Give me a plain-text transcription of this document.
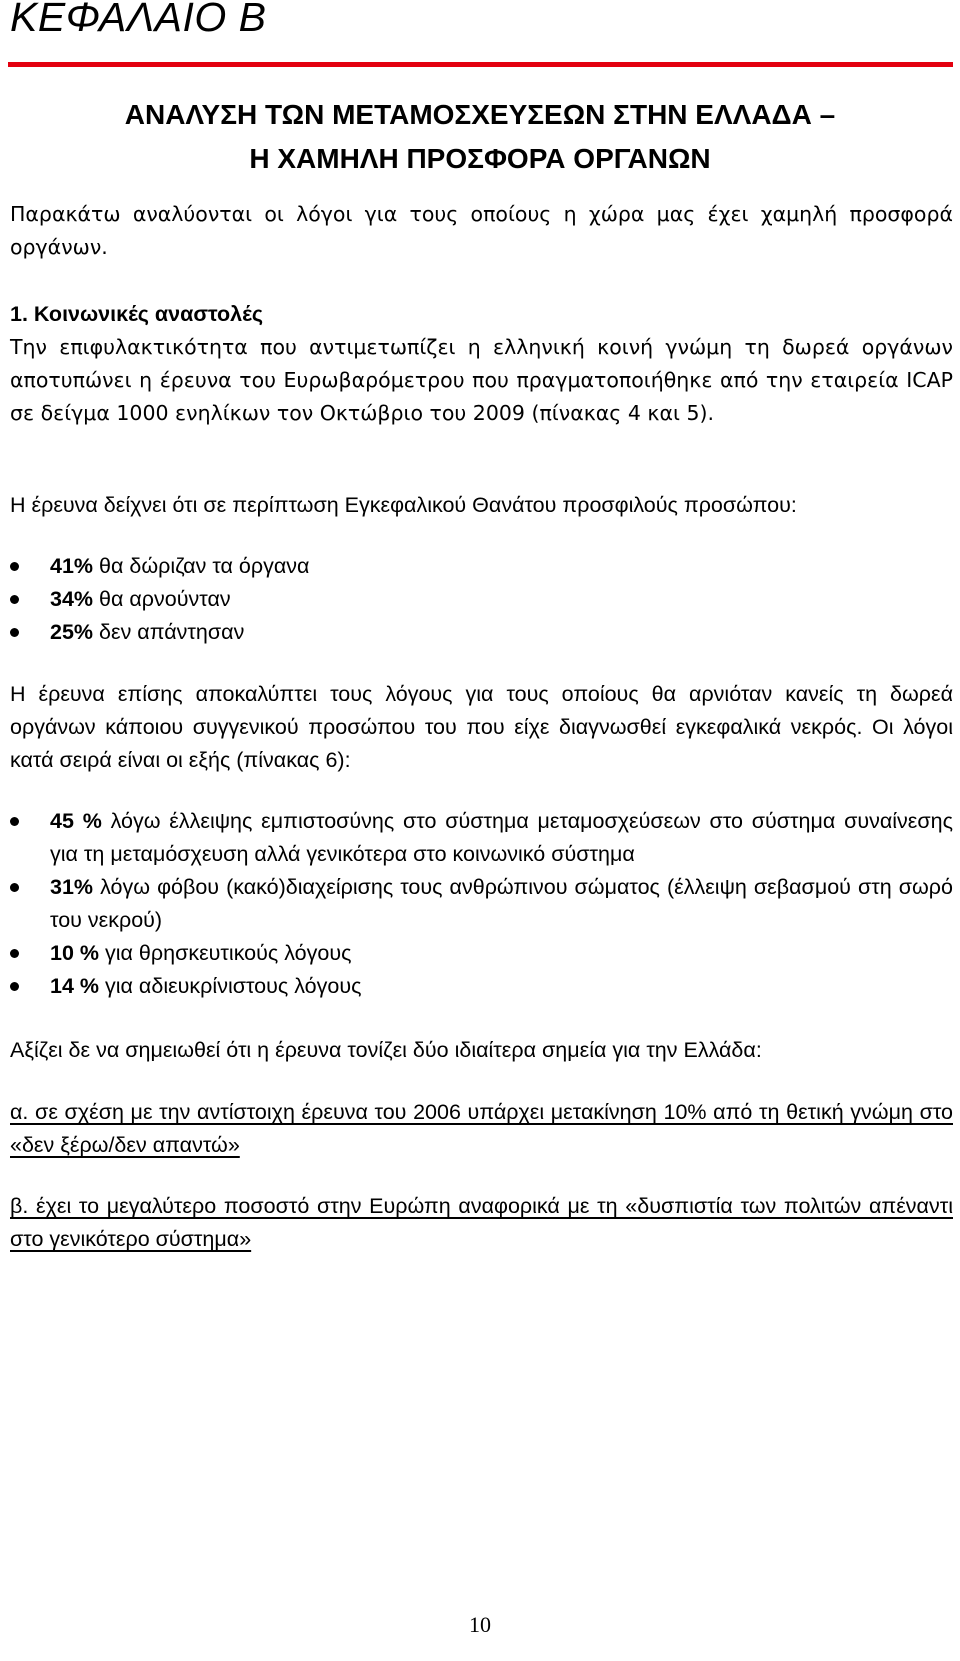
ΚΕΦΑΛΑΙΟ Β
ΑΝΑΛΥΣΗ ΤΩΝ ΜΕΤΑΜΟΣΧΕΥΣΕΩΝ ΣΤΗΝ ΕΛΛΑΔΑ –
Η ΧΑΜΗΛΗ ΠΡΟΣΦΟΡΑ ΟΡΓΑΝΩΝ

Παρακάτω αναλύονται οι λόγοι για τους οποίους η χώρα μας έχει χαμηλή προσφορά οργάνων.

1. Κοινωνικές αναστολές

Την επιφυλακτικότητα που αντιμετωπίζει η ελληνική κοινή γνώμη τη δωρεά οργάνων αποτυπώνει η έρευνα του Ευρωβαρόμετρου που πραγματοποιήθηκε από την εταιρεία ICAP σε δείγμα 1000 ενηλίκων τον Οκτώβριο του 2009 (πίνακας 4 και 5).

Η έρευνα δείχνει ότι σε περίπτωση Εγκεφαλικού Θανάτου προσφιλούς προσώπου:

41% θα δώριζαν τα όργανα
34% θα αρνούνταν
25% δεν απάντησαν

Η έρευνα επίσης αποκαλύπτει τους λόγους για τους οποίους θα αρνιόταν κανείς τη δωρεά οργάνων κάποιου συγγενικού προσώπου του που είχε διαγνωσθεί εγκεφαλικά νεκρός. Οι λόγοι κατά σειρά είναι οι εξής (πίνακας 6):

45 % λόγω έλλειψης εμπιστοσύνης στο σύστημα μεταμοσχεύσεων στο σύστημα συναίνεσης για τη μεταμόσχευση αλλά γενικότερα στο κοινωνικό σύστημα
31% λόγω φόβου (κακό)διαχείρισης τους ανθρώπινου σώματος (έλλειψη σεβασμού στη σωρό του νεκρού)
10 % για θρησκευτικούς λόγους
14 % για αδιευκρίνιστους λόγους

Αξίζει δε να σημειωθεί ότι η έρευνα τονίζει δύο ιδιαίτερα σημεία για την Ελλάδα:

α. σε σχέση με την αντίστοιχη έρευνα του 2006 υπάρχει μετακίνηση 10% από τη θετική γνώμη στο «δεν ξέρω/δεν απαντώ»

β. έχει το μεγαλύτερο ποσοστό στην Ευρώπη αναφορικά με τη «δυσπιστία των πολιτών απέναντι στο γενικότερο σύστημα»

10
